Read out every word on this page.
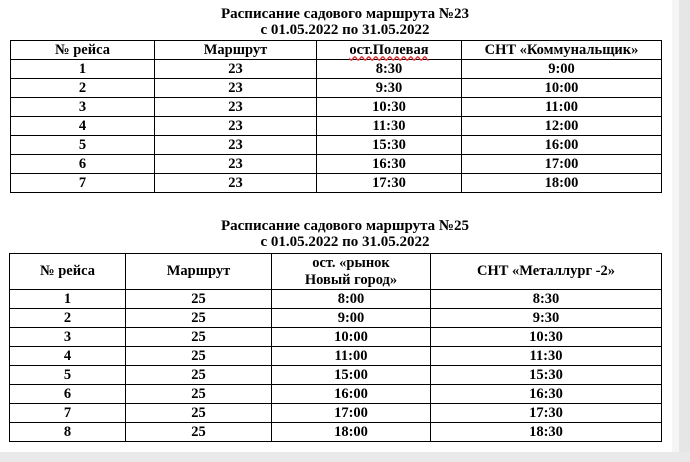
Расписание садового маршрута №23
с 01.05.2022 по 31.05.2022
№ рейса	Маршрут	ост.Полевая	СНТ «Коммунальщик»
1	23	8:30	9:00
2	23	9:30	10:00
3	23	10:30	11:00
4	23	11:30	12:00
5	23	15:30	16:00
6	23	16:30	17:00
7	23	17:30	18:00
Расписание садового маршрута №25
с 01.05.2022 по 31.05.2022
№ рейса	Маршрут	ост. «рынок
Новый город»	СНТ «Металлург -2»
1	25	8:00	8:30
2	25	9:00	9:30
3	25	10:00	10:30
4	25	11:00	11:30
5	25	15:00	15:30
6	25	16:00	16:30
7	25	17:00	17:30
8	25	18:00	18:30
